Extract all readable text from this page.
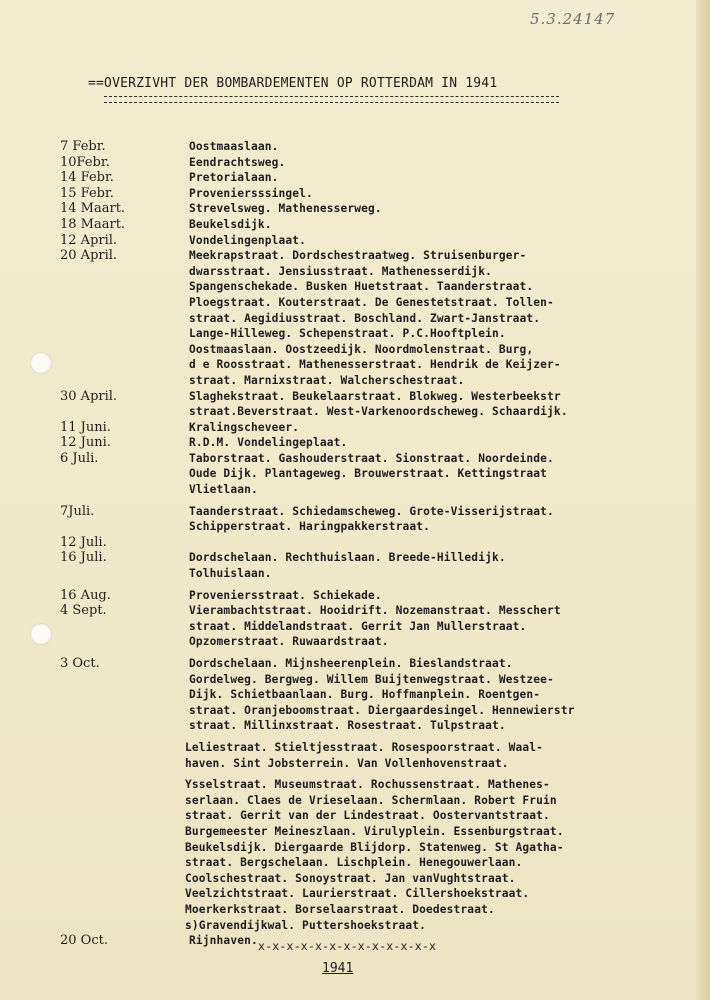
5.3.24147
==OVERZIVHT DER BOMBARDEMENTEN OP ROTTERDAM IN 1941
7 Febr.	Oostmaaslaan.
10Febr.	Eendrachtsweg.
14 Febr.	Pretorialaan.
15 Febr.	Proveniersssingel.
14 Maart.	Strevelsweg. Mathenesserweg.
18 Maart.	Beukelsdijk.
12 April.	Vondelingenplaat.
20 April.	Meekrapstraat. Dordschestraatweg. Struisenburger-
dwarsstraat. Jensiusstraat. Mathenesserdijk.
Spangenschekade. Busken Huetstraat. Taanderstraat.
Ploegstraat. Kouterstraat. De Genestetstraat. Tollen-
straat. Aegidiusstraat. Boschland. Zwart-Janstraat.
Lange-Hilleweg. Schepenstraat. P.C.Hooftplein.
Oostmaaslaan. Oostzeedijk. Noordmolenstraat. Burg,
d e Roosstraat. Mathenesserstraat. Hendrik de Keijzer-
straat. Marnixstraat. Walcherschestraat.
30 April.	Slaghekstraat. Beukelaarstraat. Blokweg. Westerbeekstr
straat.Beverstraat. West-Varkenoordscheweg. Schaardijk.
11 Juni.	Kralingscheveer.
12 Juni.	R.D.M. Vondelingeplaat.
6 Juli.	Taborstraat. Gashouderstraat. Sionstraat. Noordeinde.
Oude Dijk. Plantageweg. Brouwerstraat. Kettingstraat
Vlietlaan.
7Juli.	Taanderstraat. Schiedamscheweg. Grote-Visserijstraat.
Schipperstraat. Haringpakkerstraat.
12 Juli.

16 Juli.	Dordschelaan. Rechthuislaan. Breede-Hilledijk.
Tolhuislaan.
16 Aug.	Proveniersstraat. Schiekade.
4 Sept.	Vierambachtstraat. Hooidrift. Nozemanstraat. Messchert
straat. Middelandstraat. Gerrit Jan Mullerstraat.
Opzomerstraat. Ruwaardstraat.
3 Oct.	Dordschelaan. Mijnsheerenplein. Bieslandstraat.
Gordelweg. Bergweg. Willem Buijtenwegstraat. Westzee-
Dijk. Schietbaanlaan. Burg. Hoffmanplein. Roentgen-
straat. Oranjeboomstraat. Diergaardesingel. Hennewierstr
straat. Millinxstraat. Rosestraat. Tulpstraat.
Leliestraat. Stieltjesstraat. Rosespoorstraat. Waal-
haven. Sint Jobsterrein. Van Vollenhovenstraat.
Ysselstraat. Museumstraat. Rochussenstraat. Mathenes-
serlaan. Claes de Vrieselaan. Schermlaan. Robert Fruin
straat. Gerrit van der Lindestraat. Oostervantstraat.
Burgemeester Meineszlaan. Virulyplein. Essenburgstraat.
Beukelsdijk. Diergaarde Blijdorp. Statenweg. St Agatha-
straat. Bergschelaan. Lischplein. Henegouwerlaan.
Coolschestraat. Sonoystraat. Jan vanVughtstraat.
Veelzichtstraat. Laurierstraat. Cillershoekstraat.
Moerkerkstraat. Borselaarstraat. Doedestraat.
s)Gravendijkwal. Puttershoekstraat.
20 Oct.	Rijnhaven. x-x-x-x-x-x-x-x-x-x-x-x-x
1941
